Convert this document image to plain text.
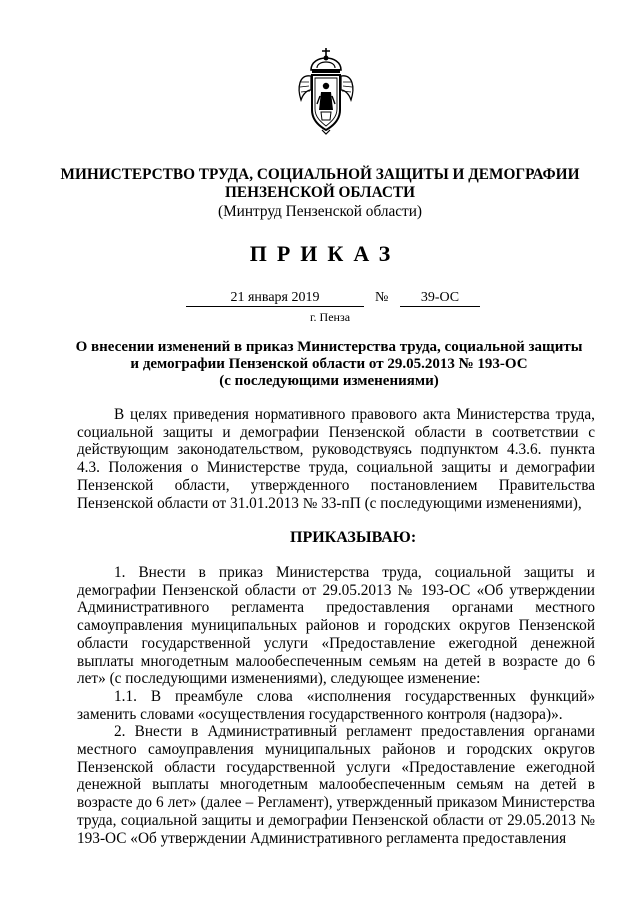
МИНИСТЕРСТВО ТРУДА, СОЦИАЛЬНОЙ ЗАЩИТЫ И ДЕМОГРАФИИ
ПЕНЗЕНСКОЙ ОБЛАСТИ
(Минтруд Пензенской области)
ПРИКАЗ
21 января 2019	№	39-ОС
г. Пенза
О внесении изменений в приказ Министерства труда, социальной защиты
и демографии Пензенской области от 29.05.2013 № 193-ОС
(с последующими изменениями)

В целях приведения нормативного правового акта Министерства труда, социальной защиты и демографии Пензенской области в соответствии с действующим законодательством, руководствуясь подпунктом 4.3.6. пункта 4.3. Положения о Министерстве труда, социальной защиты и демографии Пензенской области, утвержденного постановлением Правительства Пензенской области от 31.01.2013 № 33-пП (с последующими изменениями),

ПРИКАЗЫВАЮ:

1. Внести в приказ Министерства труда, социальной защиты и демографии Пензенской области от 29.05.2013 № 193-ОС «Об утверждении Административного регламента предоставления органами местного самоуправления муниципальных районов и городских округов Пензенской области государственной услуги «Предоставление ежегодной денежной выплаты многодетным малообеспеченным семьям на детей в возрасте до 6 лет» (с последующими изменениями), следующее изменение:

1.1. В преамбуле слова «исполнения государственных функций» заменить словами «осуществления государственного контроля (надзора)».

2. Внести в Административный регламент предоставления органами местного самоуправления муниципальных районов и городских округов Пензенской области государственной услуги «Предоставление ежегодной денежной выплаты многодетным малообеспеченным семьям на детей в возрасте до 6 лет» (далее – Регламент), утвержденный приказом Министерства труда, социальной защиты и демографии Пензенской области от 29.05.2013 № 193-ОС «Об утверждении Административного регламента предоставления
